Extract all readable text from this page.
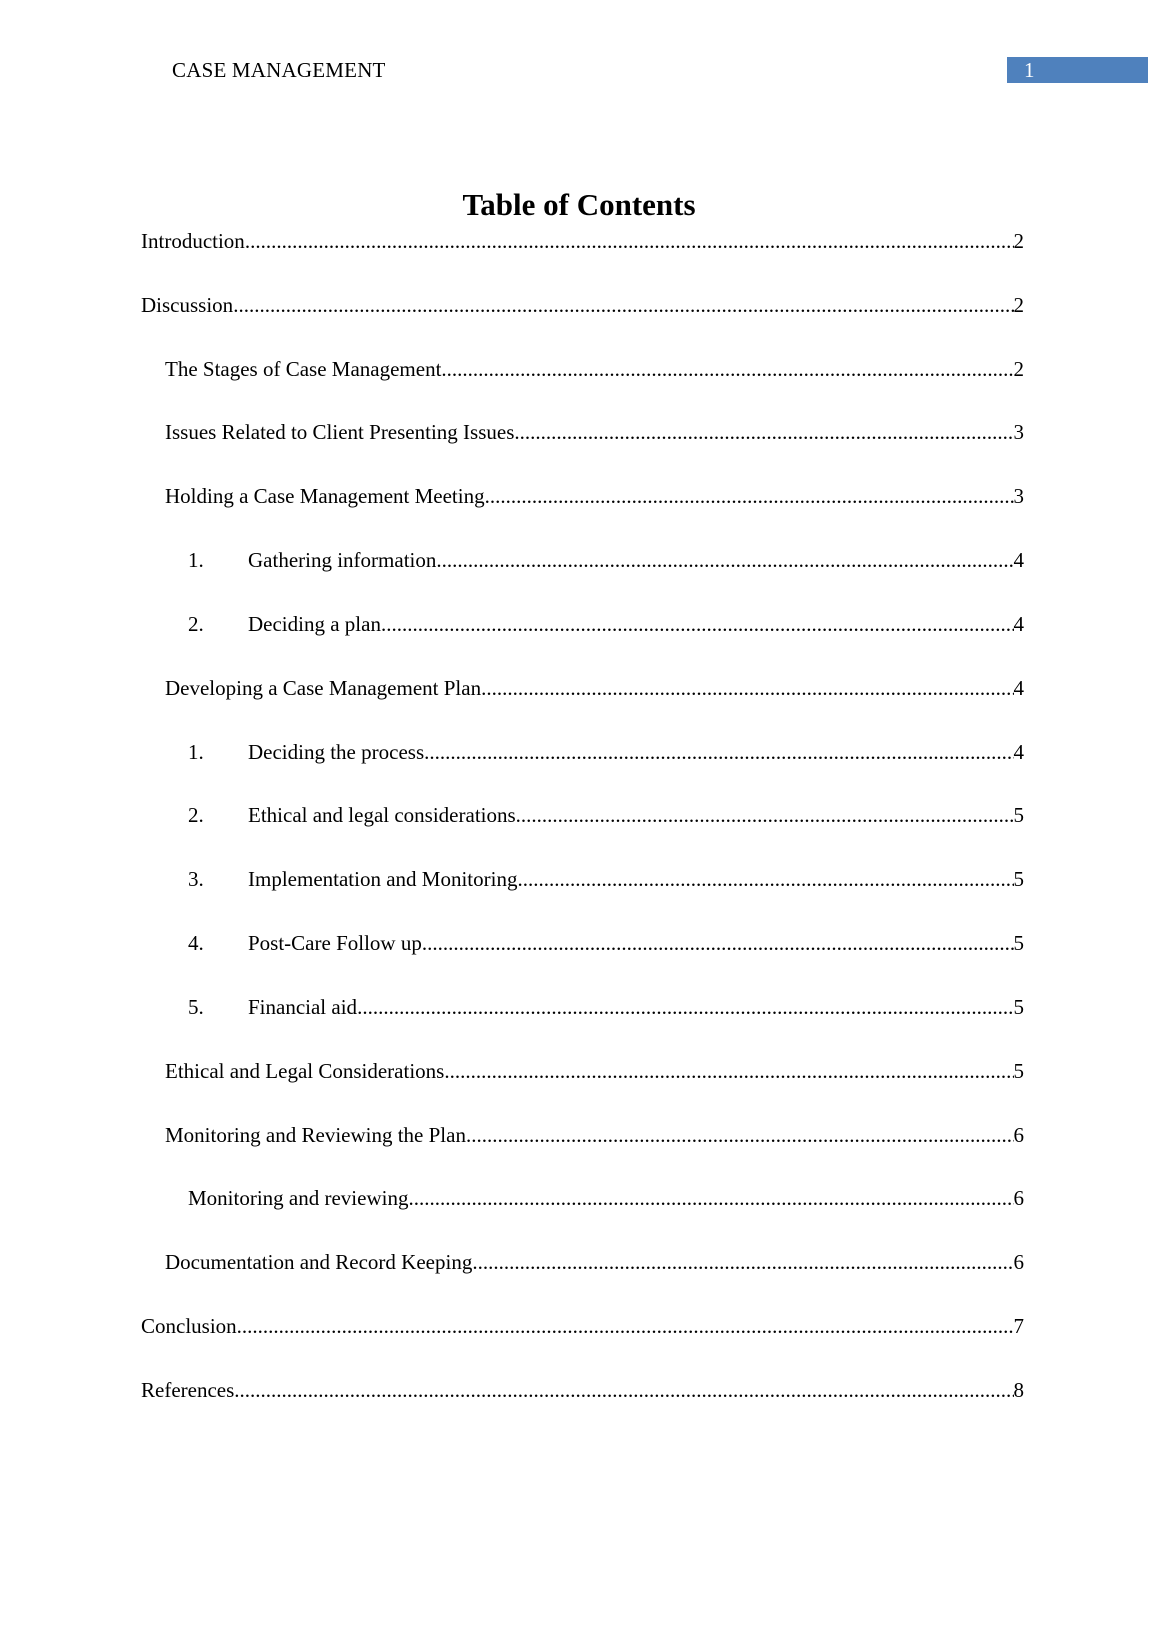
CASE MANAGEMENT	1
Table of Contents
Introduction .....	2
Discussion .....	2
The Stages of Case Management .....	2
Issues Related to Client Presenting Issues .....	3
Holding a Case Management Meeting .....	3
1.	Gathering information .....	4
2.	Deciding a plan .....	4
Developing a Case Management Plan .....	4
1.	Deciding the process .....	4
2.	Ethical and legal considerations .....	5
3.	Implementation and Monitoring .....	5
4.	Post-Care Follow up .....	5
5.	Financial aid .....	5
Ethical and Legal Considerations .....	5
Monitoring and Reviewing the Plan .....	6
Monitoring and reviewing .....	6
Documentation and Record Keeping .....	6
Conclusion .....	7
References .....	8
